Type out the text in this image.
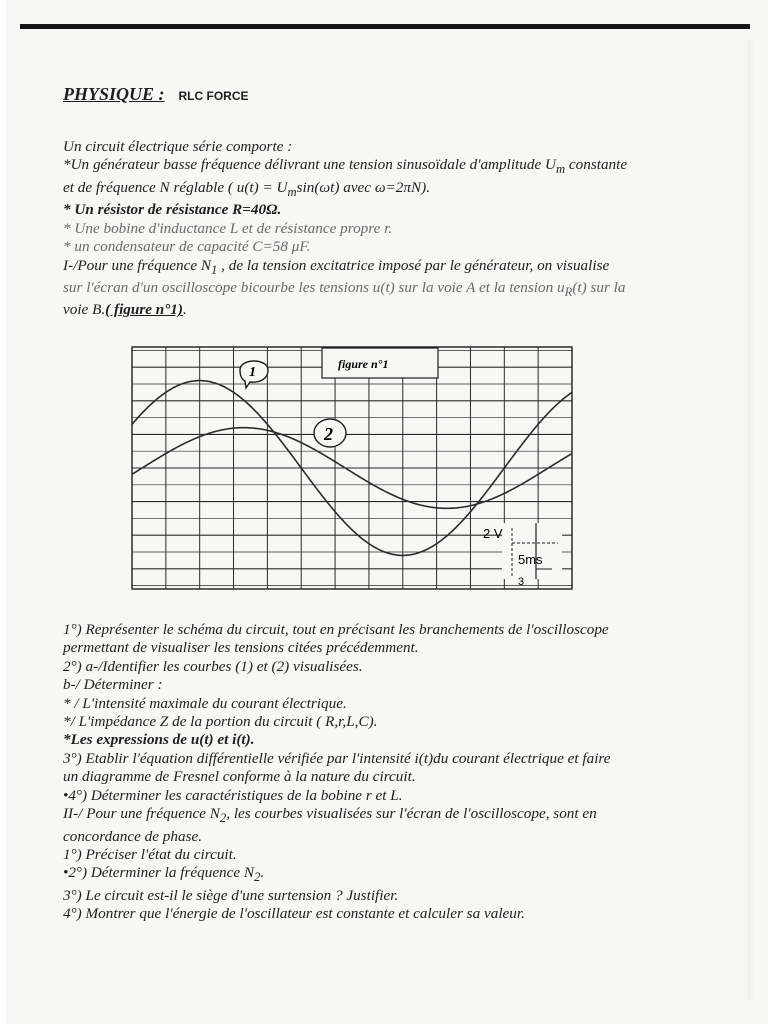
PHYSIQUE : RLC FORCE
Un circuit électrique série comporte :
*Un générateur basse fréquence délivrant une tension sinusoïdale d'amplitude $U_m$ constante
et de fréquence N réglable ( $u(t) = U_m\sin(\omega t)$ avec ω=2πN).
* Un résistor de résistance R=40Ω.
* Une bobine d'inductance L et de résistance propre r.
* un condensateur de capacité C=58 μF.
I-/Pour une fréquence $N_1$ , de la tension excitatrice imposé par le générateur, on visualise
sur l'écran d'un oscilloscope bicourbe les tensions u(t) sur la voie A et la tension $u_R(t)$ sur la
voie B.( figure n°1).
figure n°1
1
2
2 V
5ms
3
1°) Représenter le schéma du circuit, tout en précisant les branchements de l'oscilloscope
permettant de visualiser les tensions citées précédemment.
2°) a-/Identifier les courbes (1) et (2) visualisées.
b-/ Déterminer :
* / L'intensité maximale du courant électrique.
*/ L'impédance Z de la portion du circuit ( R,r,L,C).
*Les expressions de u(t) et i(t).
3°) Etablir l'équation différentielle vérifiée par l'intensité i(t)du courant électrique et faire
un diagramme de Fresnel conforme à la nature du circuit.
•4°) Déterminer les caractéristiques de la bobine r et L.
II-/ Pour une fréquence $N_2$, les courbes visualisées sur l'écran de l'oscilloscope, sont en
concordance de phase.
1°) Préciser l'état du circuit.
•2°) Déterminer la fréquence $N_2$.
3°) Le circuit est-il le siège d'une surtension ? Justifier.
4°) Montrer que l'énergie de l'oscillateur est constante et calculer sa valeur.
